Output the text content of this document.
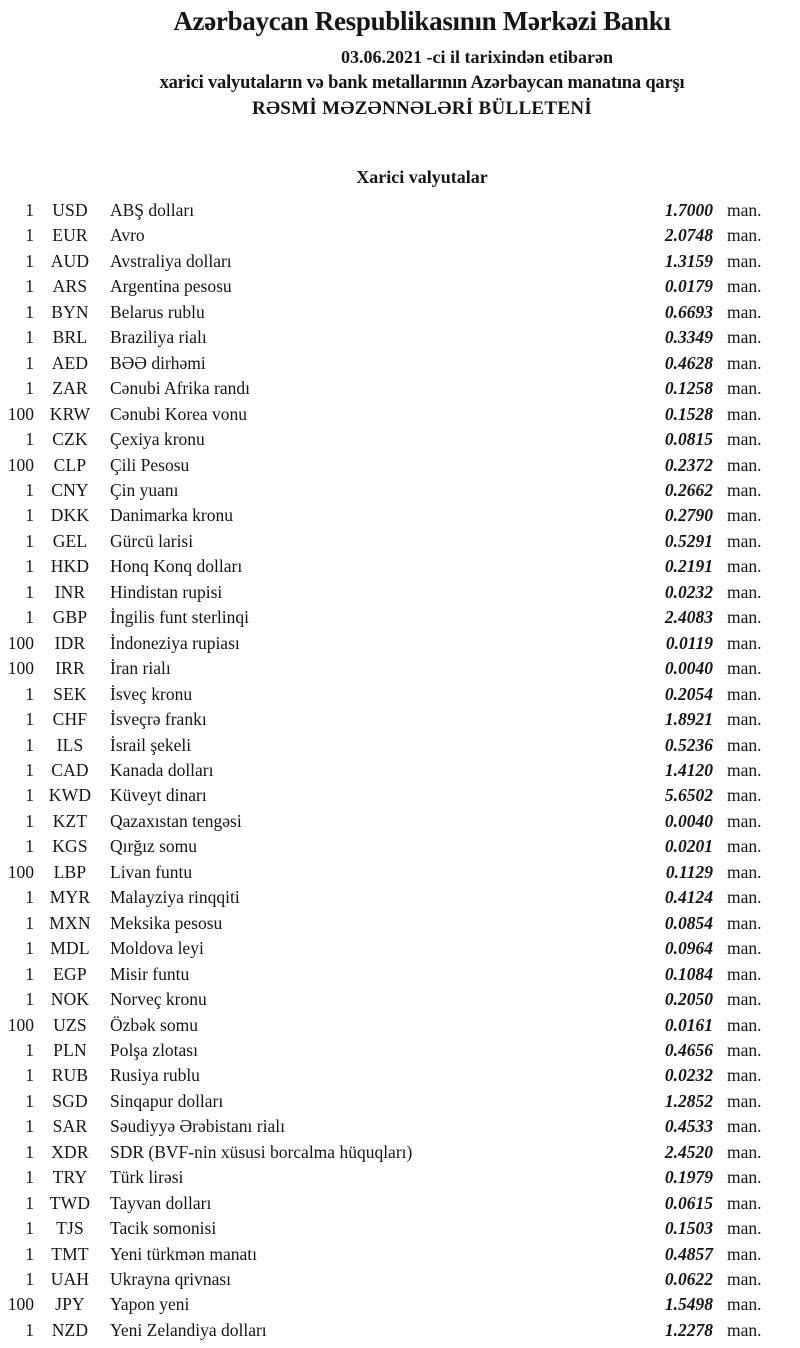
Azərbaycan Respublikasının Mərkəzi Bankı
03.06.2021 -ci il tarixindən etibarən
xarici valyutaların və bank metallarının Azərbaycan manatına qarşı
RƏSMİ MƏZƏNNƏLƏRİ BÜLLETENİ
Xarici valyutalar
1	USD	ABŞ dolları	1.7000 man.
1	EUR	Avro	2.0748 man.
1 AUD	Avstraliya dolları	1.3159 man.
1	ARS	Argentina pesosu	0.0179 man.
1 BYN	Belarus rublu	0.6693 man.
1	BRL	Braziliya rialı	0.3349 man.
1	AED	BƏƏ dirhəmi	0.4628 man.
1	ZAR	Cənubi Afrika randı	0.1258 man.
100 KRW	Cənubi Korea vonu	0.1528 man.
1	CZK	Çexiya kronu	0.0815 man.
100	CLP	Çili Pesosu	0.2372 man.
1 CNY	Çin yuanı	0.2662 man.
1 DKK	Danimarka kronu	0.2790 man.
1	GEL	Gürcü larisi	0.5291 man.
1 HKD	Honq Konq dolları	0.2191 man.
1	INR	Hindistan rupisi	0.0232 man.
1	GBP	İngilis funt sterlinqi	2.4083 man.
100	IDR	İndoneziya rupiası	0.0119 man.
100	IRR	İran rialı	0.0040 man.
1	SEK	İsveç kronu	0.2054 man.
1	CHF	İsveçrə frankı	1.8921 man.
1	ILS	İsrail şekeli	0.5236 man.
1 CAD	Kanada dolları	1.4120 man.
1 KWD	Küveyt dinarı	5.6502 man.
1	KZT	Qazaxıstan tengəsi	0.0040 man.
1	KGS	Qırğız somu	0.0201 man.
100	LBP	Livan funtu	0.1129 man.
1 MYR	Malayziya rinqqiti	0.4124 man.
1 MXN	Meksika pesosu	0.0854 man.
1 MDL	Moldova leyi	0.0964 man.
1	EGP	Misir funtu	0.1084 man.
1 NOK	Norveç kronu	0.2050 man.
100	UZS	Özbək somu	0.0161 man.
1	PLN	Polşa zlotası	0.4656 man.
1	RUB	Rusiya rublu	0.0232 man.
1	SGD	Sinqapur dolları	1.2852 man.
1	SAR	Səudiyyə Ərəbistanı rialı	0.4533 man.
1 XDR	SDR (BVF-nin xüsusi borcalma hüquqları)	2.4520 man.
1	TRY	Türk lirəsi	0.1979 man.
1 TWD	Tayvan dolları	0.0615 man.
1	TJS	Tacik somonisi	0.1503 man.
1 TMT	Yeni türkmən manatı	0.4857 man.
1 UAH	Ukrayna qrivnası	0.0622 man.
100	JPY	Yapon yeni	1.5498 man.
1	NZD	Yeni Zelandiya dolları	1.2278 man.
